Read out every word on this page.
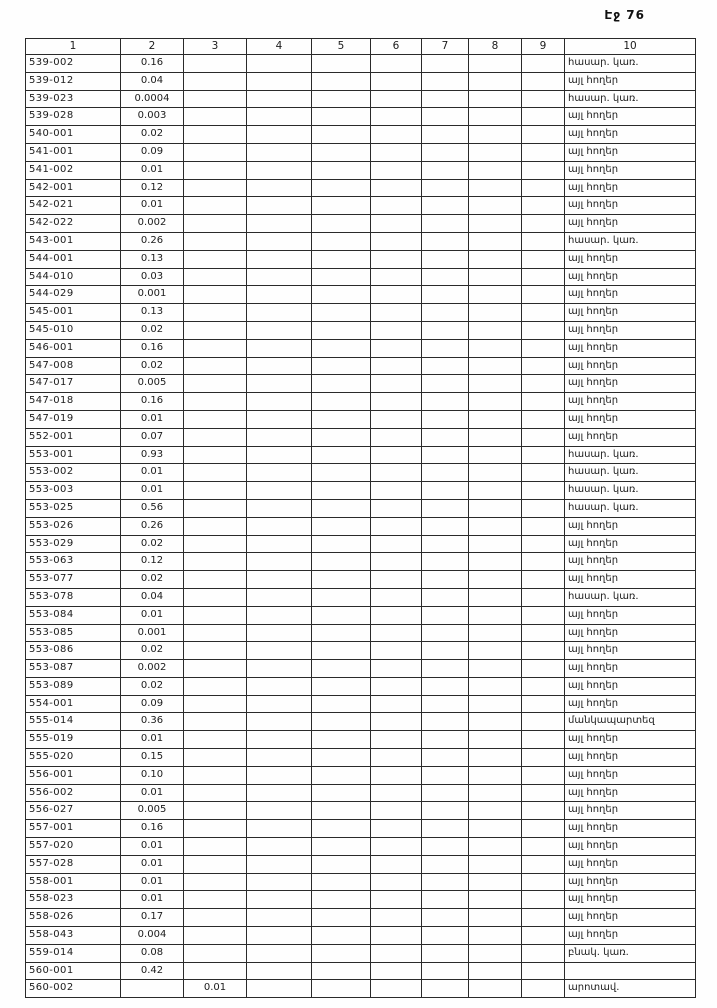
Էջ 76
1	2	3	4	5	6	7	8	9	10
539-002	0.16								հասար. կառ.
539-012	0.04								այլ հողեր
539-023	0.0004								հասար. կառ.
539-028	0.003								այլ հողեր
540-001	0.02								այլ հողեր
541-001	0.09								այլ հողեր
541-002	0.01								այլ հողեր
542-001	0.12								այլ հողեր
542-021	0.01								այլ հողեր
542-022	0.002								այլ հողեր
543-001	0.26								հասար. կառ.
544-001	0.13								այլ հողեր
544-010	0.03								այլ հողեր
544-029	0.001								այլ հողեր
545-001	0.13								այլ հողեր
545-010	0.02								այլ հողեր
546-001	0.16								այլ հողեր
547-008	0.02								այլ հողեր
547-017	0.005								այլ հողեր
547-018	0.16								այլ հողեր
547-019	0.01								այլ հողեր
552-001	0.07								այլ հողեր
553-001	0.93								հասար. կառ.
553-002	0.01								հասար. կառ.
553-003	0.01								հասար. կառ.
553-025	0.56								հասար. կառ.
553-026	0.26								այլ հողեր
553-029	0.02								այլ հողեր
553-063	0.12								այլ հողեր
553-077	0.02								այլ հողեր
553-078	0.04								հասար. կառ.
553-084	0.01								այլ հողեր
553-085	0.001								այլ հողեր
553-086	0.02								այլ հողեր
553-087	0.002								այլ հողեր
553-089	0.02								այլ հողեր
554-001	0.09								այլ հողեր
555-014	0.36								մանկապարտեզ
555-019	0.01								այլ հողեր
555-020	0.15								այլ հողեր
556-001	0.10								այլ հողեր
556-002	0.01								այլ հողեր
556-027	0.005								այլ հողեր
557-001	0.16								այլ հողեր
557-020	0.01								այլ հողեր
557-028	0.01								այլ հողեր
558-001	0.01								այլ հողեր
558-023	0.01								այլ հողեր
558-026	0.17								այլ հողեր
558-043	0.004								այլ հողեր
559-014	0.08								բնակ. կառ.
560-001	0.42								
560-002		0.01							արոտավ.
